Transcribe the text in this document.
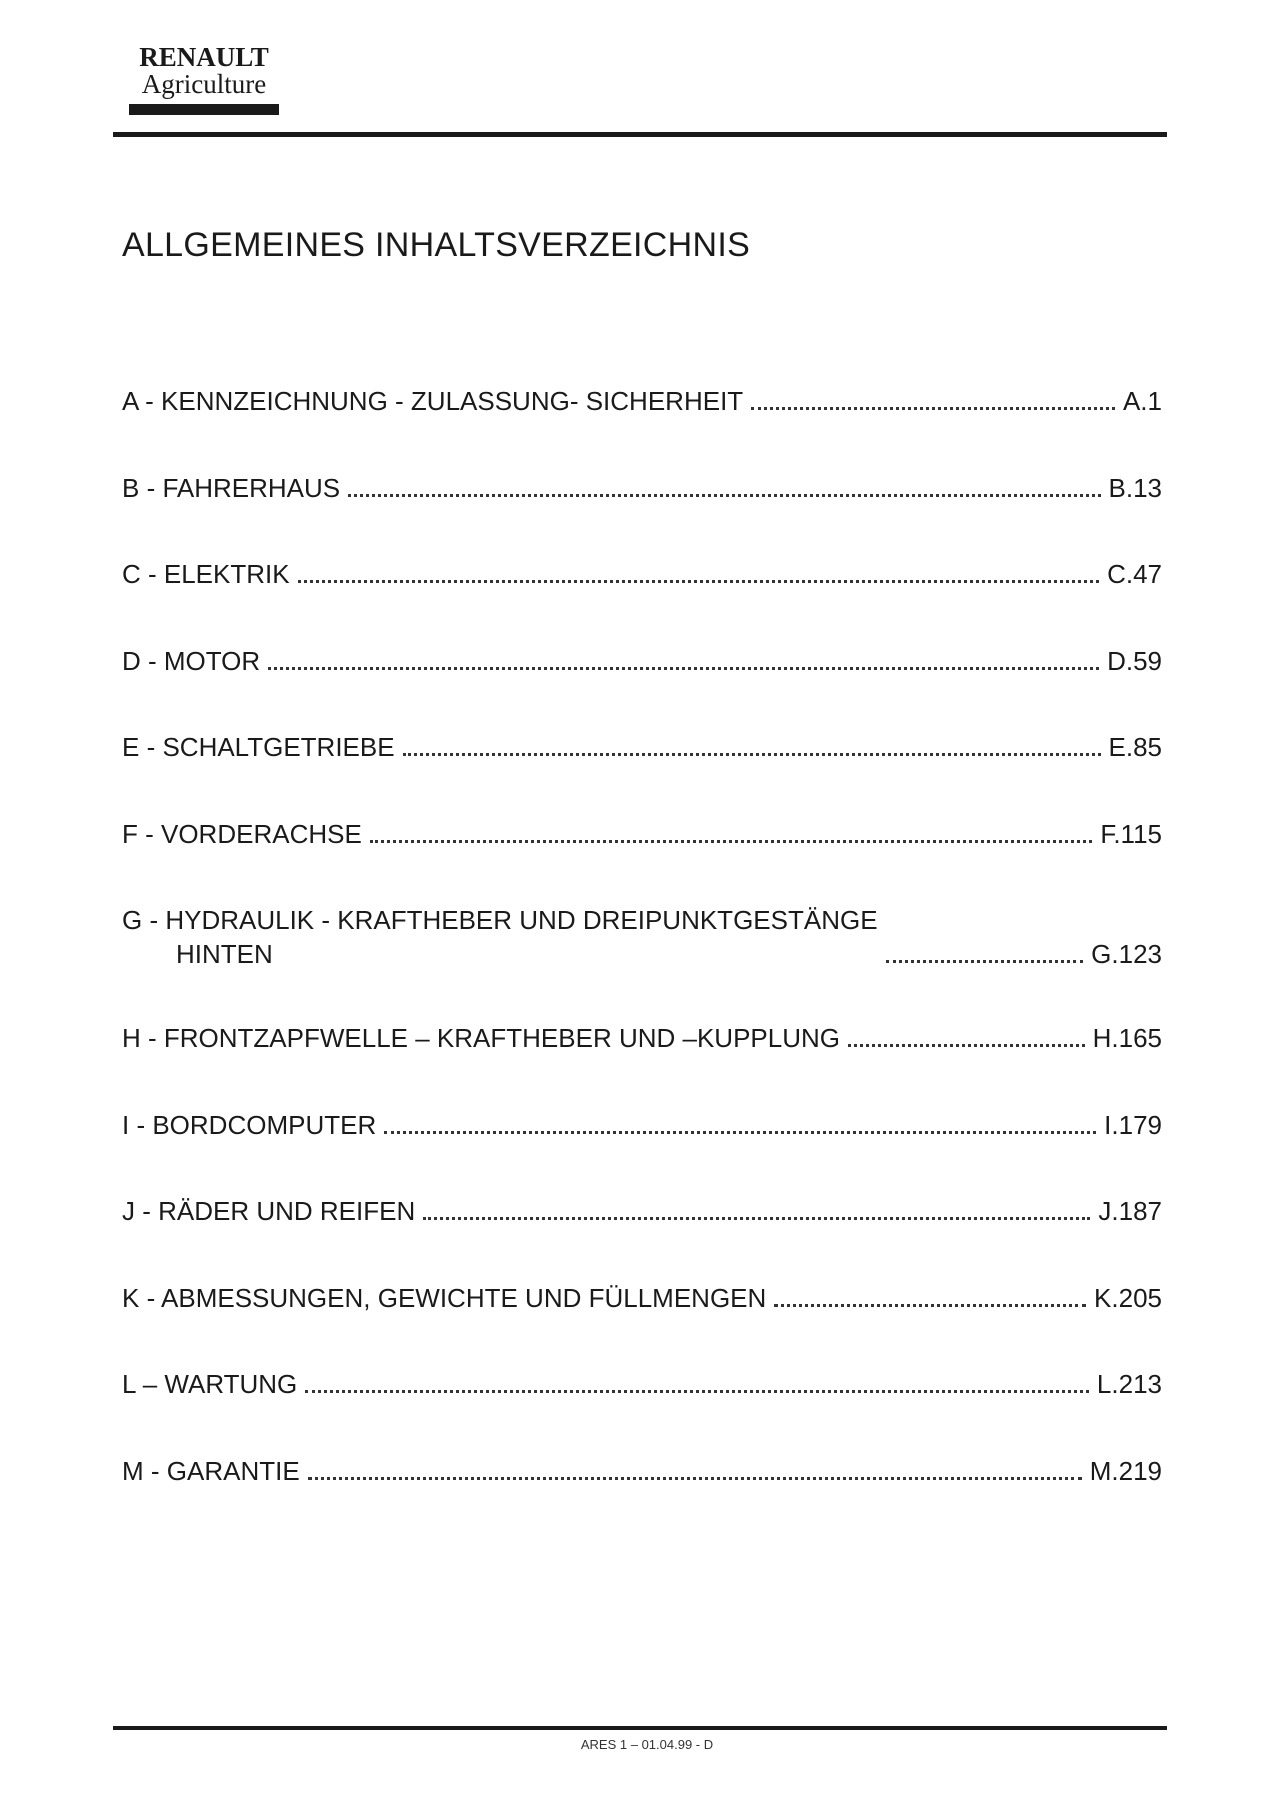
RENAULT
Agriculture
ALLGEMEINES INHALTSVERZEICHNIS
A - KENNZEICHNUNG - ZULASSUNG- SICHERHEIT	A.1
B - FAHRERHAUS	B.13
C - ELEKTRIK	C.47
D - MOTOR	D.59
E - SCHALTGETRIEBE	E.85
F - VORDERACHSE	F.115
G - HYDRAULIK - KRAFTHEBER UND DREIPUNKTGESTÄNGE
HINTEN	G.123
H - FRONTZAPFWELLE – KRAFTHEBER UND –KUPPLUNG	H.165
I - BORDCOMPUTER	I.179
J - RÄDER UND REIFEN	J.187
K - ABMESSUNGEN, GEWICHTE UND FÜLLMENGEN	K.205
L – WARTUNG	L.213
M - GARANTIE	M.219
ARES 1 – 01.04.99 - D
